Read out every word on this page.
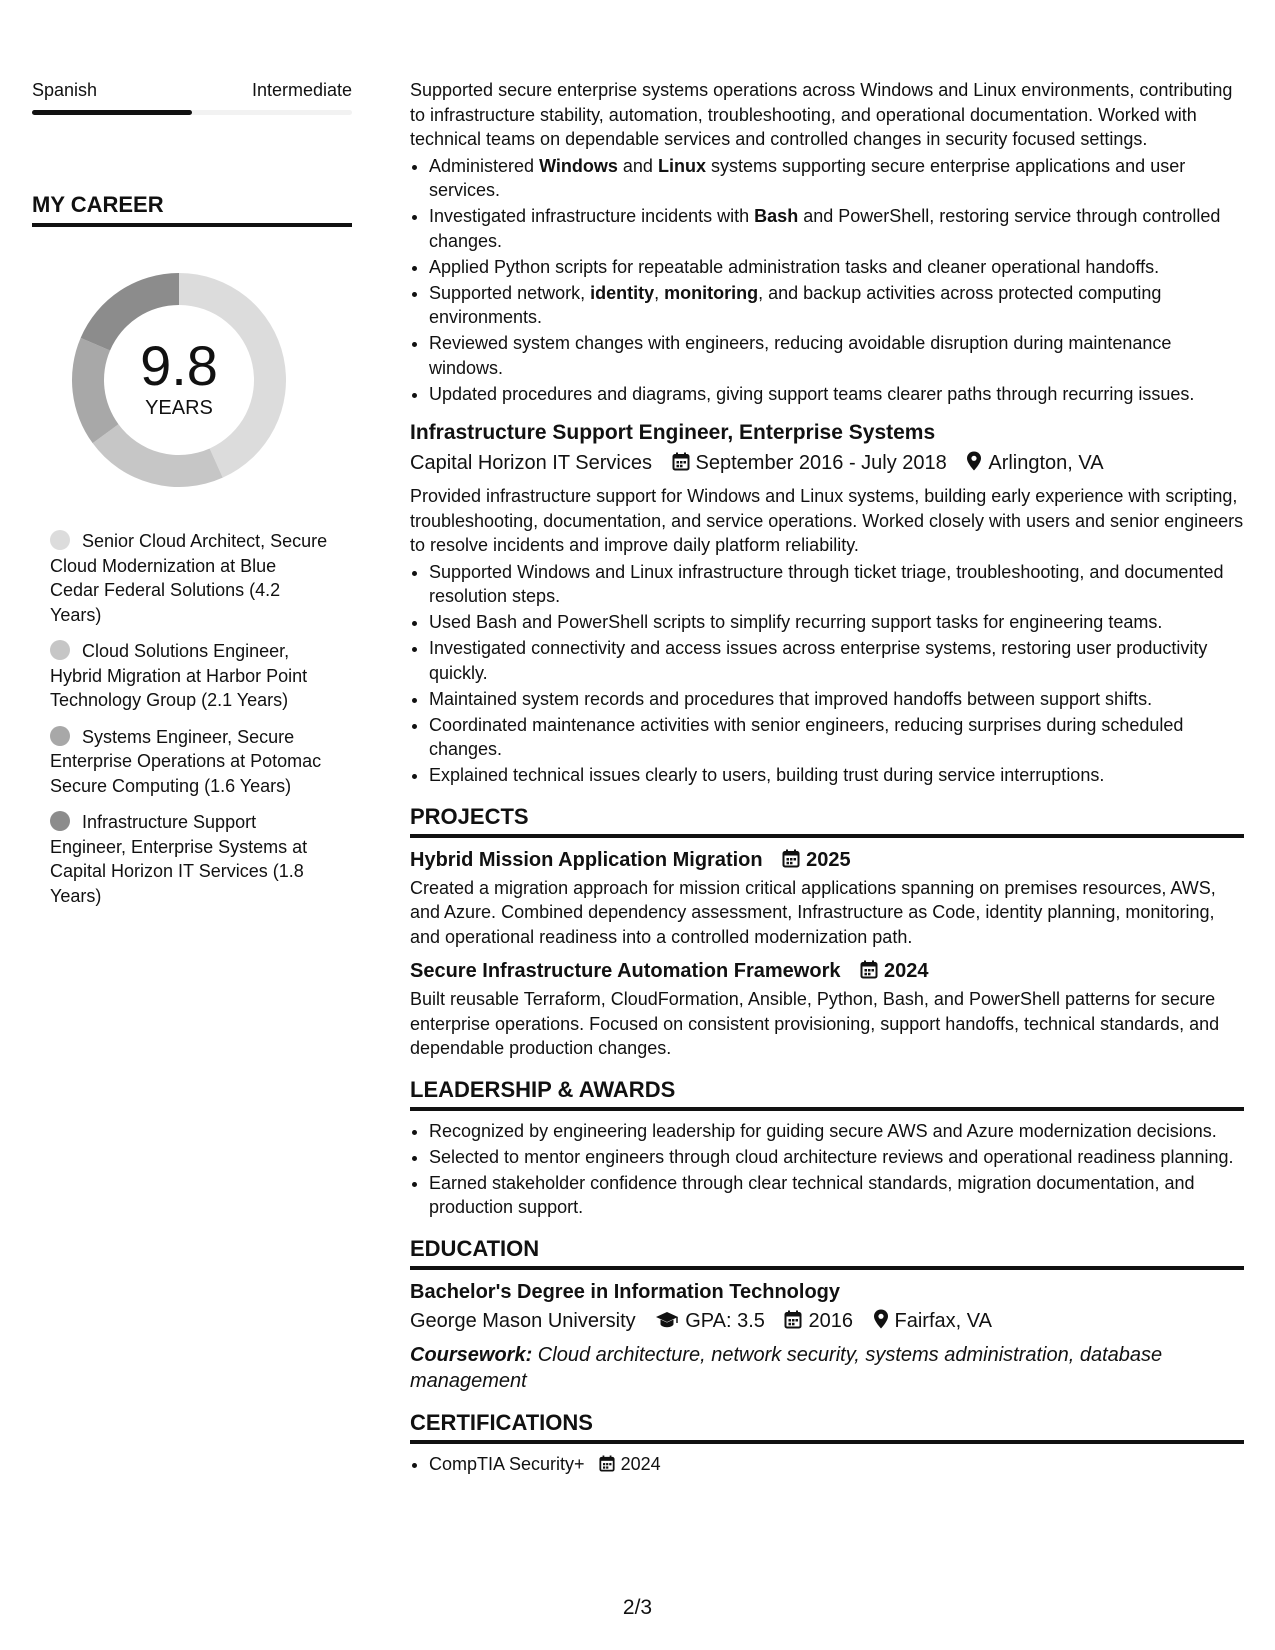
Spanish	Intermediate
MY CAREER
9.8
YEARS
Senior Cloud Architect, Secure Cloud Modernization at Blue Cedar Federal Solutions (4.2 Years)
Cloud Solutions Engineer, Hybrid Migration at Harbor Point Technology Group (2.1 Years)
Systems Engineer, Secure Enterprise Operations at Potomac Secure Computing (1.6 Years)
Infrastructure Support Engineer, Enterprise Systems at Capital Horizon IT Services (1.8 Years)

Supported secure enterprise systems operations across Windows and Linux environments, contributing to infrastructure stability, automation, troubleshooting, and operational documentation. Worked with technical teams on dependable services and controlled changes in security focused settings.

• Administered Windows and Linux systems supporting secure enterprise applications and user services.
• Investigated infrastructure incidents with Bash and PowerShell, restoring service through controlled changes.
• Applied Python scripts for repeatable administration tasks and cleaner operational handoffs.
• Supported network, identity, monitoring, and backup activities across protected computing environments.
• Reviewed system changes with engineers, reducing avoidable disruption during maintenance windows.
• Updated procedures and diagrams, giving support teams clearer paths through recurring issues.
Infrastructure Support Engineer, Enterprise Systems
Capital Horizon IT Services September 2016 - July 2018 Arlington, VA

Provided infrastructure support for Windows and Linux systems, building early experience with scripting, troubleshooting, documentation, and service operations. Worked closely with users and senior engineers to resolve incidents and improve daily platform reliability.

• Supported Windows and Linux infrastructure through ticket triage, troubleshooting, and documented resolution steps.
• Used Bash and PowerShell scripts to simplify recurring support tasks for engineering teams.
• Investigated connectivity and access issues across enterprise systems, restoring user productivity quickly.
• Maintained system records and procedures that improved handoffs between support shifts.
• Coordinated maintenance activities with senior engineers, reducing surprises during scheduled changes.
• Explained technical issues clearly to users, building trust during service interruptions.
PROJECTS
Hybrid Mission Application Migration 2025

Created a migration approach for mission critical applications spanning on premises resources, AWS, and Azure. Combined dependency assessment, Infrastructure as Code, identity planning, monitoring, and operational readiness into a controlled modernization path.

Secure Infrastructure Automation Framework 2024

Built reusable Terraform, CloudFormation, Ansible, Python, Bash, and PowerShell patterns for secure enterprise operations. Focused on consistent provisioning, support handoffs, technical standards, and dependable production changes.

LEADERSHIP & AWARDS
• Recognized by engineering leadership for guiding secure AWS and Azure modernization decisions.
• Selected to mentor engineers through cloud architecture reviews and operational readiness planning.
• Earned stakeholder confidence through clear technical standards, migration documentation, and production support.
EDUCATION
Bachelor's Degree in Information Technology
George Mason University GPA: 3.5 2016 Fairfax, VA
Coursework: Cloud architecture, network security, systems administration, database management
CERTIFICATIONS
• CompTIA Security+ 2024
2/3
